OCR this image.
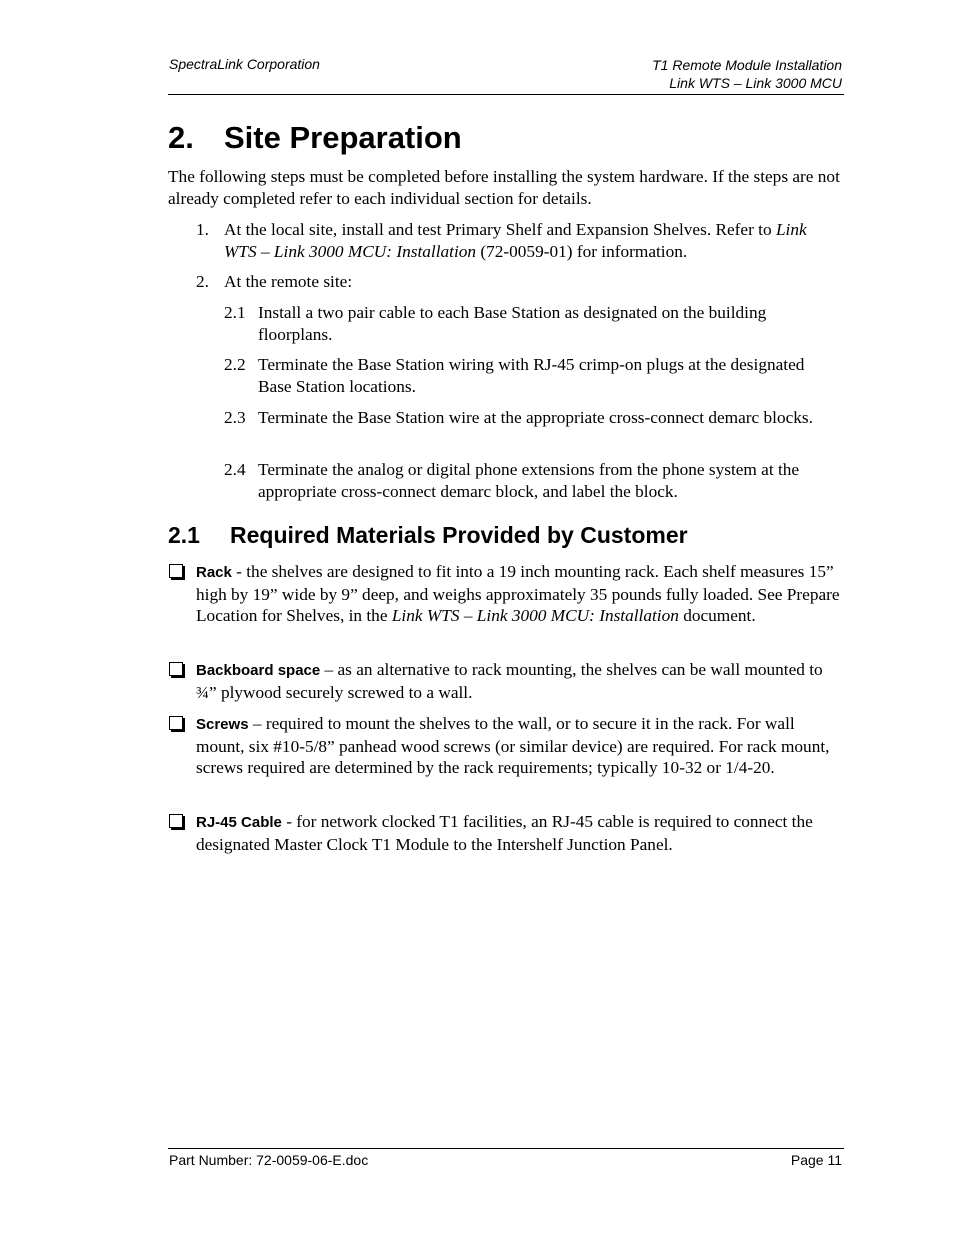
SpectraLink Corporation	T1 Remote Module Installation
Link WTS – Link 3000 MCU
2. Site Preparation
The following steps must be completed before installing the system hardware. If the steps are not already completed refer to each individual section for details.
1. At the local site, install and test Primary Shelf and Expansion Shelves. Refer to Link WTS – Link 3000 MCU: Installation (72-0059-01) for information.
2. At the remote site:
2.1 Install a two pair cable to each Base Station as designated on the building floorplans.
2.2 Terminate the Base Station wiring with RJ-45 crimp-on plugs at the designated Base Station locations.
2.3 Terminate the Base Station wire at the appropriate cross-connect demarc blocks.
2.4 Terminate the analog or digital phone extensions from the phone system at the appropriate cross-connect demarc block, and label the block.
2.1 Required Materials Provided by Customer
Rack - the shelves are designed to fit into a 19 inch mounting rack. Each shelf measures 15” high by 19” wide by 9” deep, and weighs approximately 35 pounds fully loaded. See Prepare Location for Shelves, in the Link WTS – Link 3000 MCU: Installation document.
Backboard space – as an alternative to rack mounting, the shelves can be wall mounted to ¾” plywood securely screwed to a wall.
Screws – required to mount the shelves to the wall, or to secure it in the rack. For wall mount, six #10-5/8” panhead wood screws (or similar device) are required. For rack mount, screws required are determined by the rack requirements; typically 10-32 or 1/4-20.
RJ-45 Cable - for network clocked T1 facilities, an RJ-45 cable is required to connect the designated Master Clock T1 Module to the Intershelf Junction Panel.
Part Number: 72-0059-06-E.doc	Page 11
